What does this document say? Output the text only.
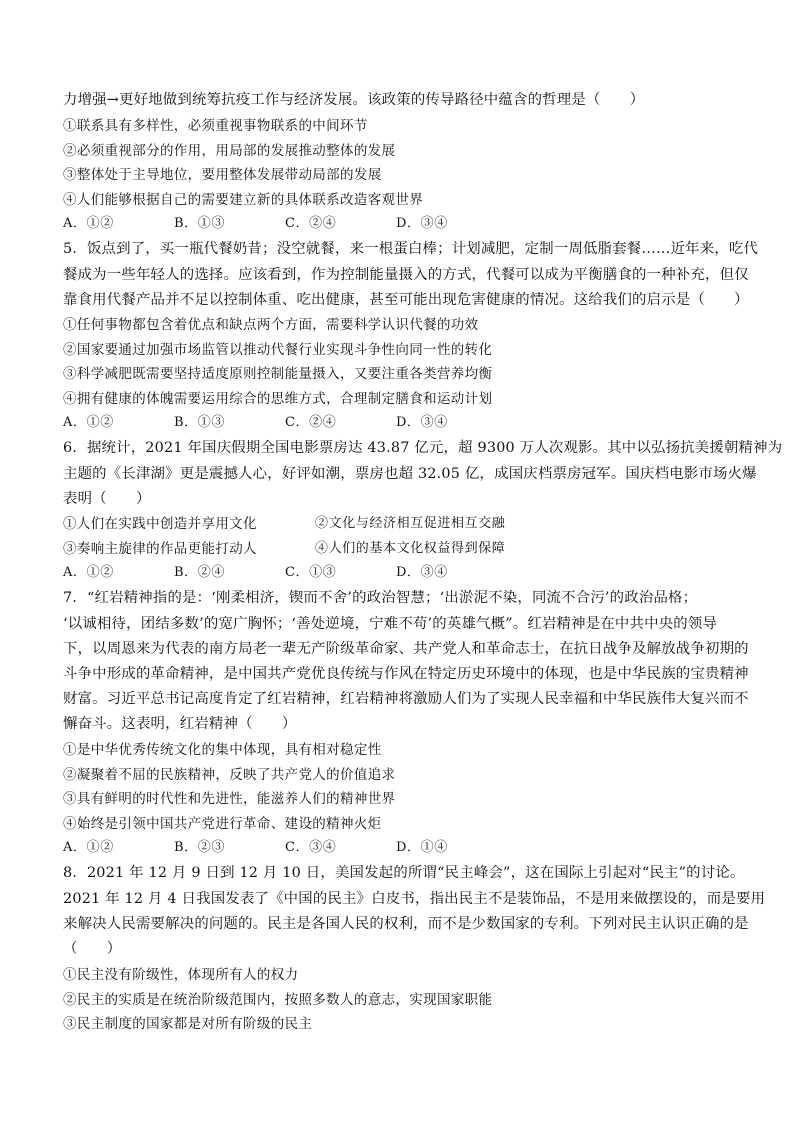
力增强→更好地做到统筹抗疫工作与经济发展。该政策的传导路径中蕴含的哲理是（　　）
①联系具有多样性，必须重视事物联系的中间环节
②必须重视部分的作用，用局部的发展推动整体的发展
③整体处于主导地位，要用整体发展带动局部的发展
④人们能够根据自己的需要建立新的具体联系改造客观世界
A．①②	B．①③	C．②④	D．③④
5．饭点到了，买一瓶代餐奶昔；没空就餐，来一根蛋白棒；计划减肥，定制一周低脂套餐……近年来，吃代
餐成为一些年轻人的选择。应该看到，作为控制能量摄入的方式，代餐可以成为平衡膳食的一种补充，但仅
靠食用代餐产品并不足以控制体重、吃出健康，甚至可能出现危害健康的情况。这给我们的启示是（　　）
①任何事物都包含着优点和缺点两个方面，需要科学认识代餐的功效
②国家要通过加强市场监管以推动代餐行业实现斗争性向同一性的转化
③科学减肥既需要坚持适度原则控制能量摄入，又要注重各类营养均衡
④拥有健康的体魄需要运用综合的思维方式，合理制定膳食和运动计划
A．①②	B．①③	C．②④	D．③④
6．据统计，2021 年国庆假期全国电影票房达 43.87 亿元，超 9300 万人次观影。其中以弘扬抗美援朝精神为
主题的《长津湖》更是震撼人心，好评如潮，票房也超 32.05 亿，成国庆档票房冠军。国庆档电影市场火爆
表明（　　）
①人们在实践中创造并享用文化	②文化与经济相互促进相互交融
③奏响主旋律的作品更能打动人	④人们的基本文化权益得到保障
A．①②	B．②④	C．①③	D．③④
7．“红岩精神指的是：‘刚柔相济，锲而不舍’的政治智慧；‘出淤泥不染，同流不合污’的政治品格；
‘以诚相待，团结多数’的宽广胸怀；‘善处逆境，宁难不苟’的英雄气概”。红岩精神是在中共中央的领导
下，以周恩来为代表的南方局老一辈无产阶级革命家、共产党人和革命志士，在抗日战争及解放战争初期的
斗争中形成的革命精神，是中国共产党优良传统与作风在特定历史环境中的体现，也是中华民族的宝贵精神
财富。习近平总书记高度肯定了红岩精神，红岩精神将激励人们为了实现人民幸福和中华民族伟大复兴而不
懈奋斗。这表明，红岩精神（　　）
①是中华优秀传统文化的集中体现，具有相对稳定性
②凝聚着不屈的民族精神，反映了共产党人的价值追求
③具有鲜明的时代性和先进性，能滋养人们的精神世界
④始终是引领中国共产党进行革命、建设的精神火炬
A．①②	B．②③	C．③④	D．①④
8．2021 年 12 月 9 日到 12 月 10 日，美国发起的所谓“民主峰会”，这在国际上引起对“民主”的讨论。
2021 年 12 月 4 日我国发表了《中国的民主》白皮书，指出民主不是装饰品，不是用来做摆设的，而是要用
来解决人民需要解决的问题的。民主是各国人民的权利，而不是少数国家的专利。下列对民主认识正确的是
（　　）
①民主没有阶级性，体现所有人的权力
②民主的实质是在统治阶级范围内，按照多数人的意志，实现国家职能
③民主制度的国家都是对所有阶级的民主
